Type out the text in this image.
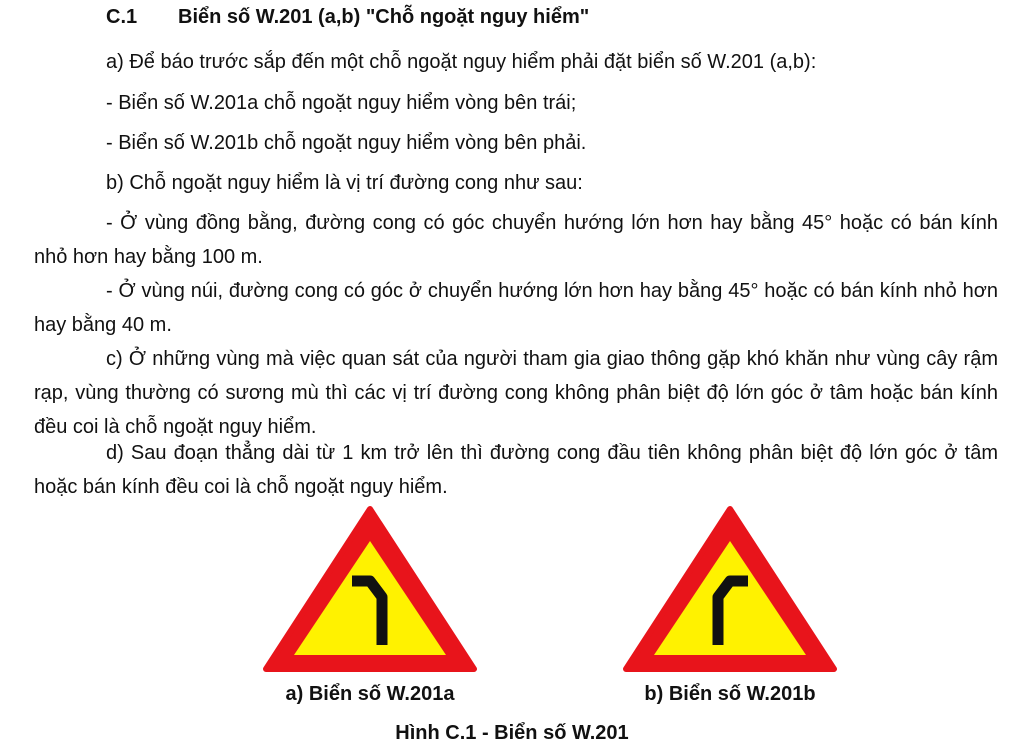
C.1 Biển số W.201 (a,b) "Chỗ ngoặt nguy hiểm"

a) Để báo trước sắp đến một chỗ ngoặt nguy hiểm phải đặt biển số W.201 (a,b):

- Biển số W.201a chỗ ngoặt nguy hiểm vòng bên trái;

- Biển số W.201b chỗ ngoặt nguy hiểm vòng bên phải.

b) Chỗ ngoặt nguy hiểm là vị trí đường cong như sau:

- Ở vùng đồng bằng, đường cong có góc chuyển hướng lớn hơn hay bằng 45° hoặc có bán kính nhỏ hơn hay bằng 100 m.

- Ở vùng núi, đường cong có góc ở chuyển hướng lớn hơn hay bằng 45° hoặc có bán kính nhỏ hơn hay bằng 40 m.

c) Ở những vùng mà việc quan sát của người tham gia giao thông gặp khó khăn như vùng cây rậm rạp, vùng thường có sương mù thì các vị trí đường cong không phân biệt độ lớn góc ở tâm hoặc bán kính đều coi là chỗ ngoặt nguy hiểm.

d) Sau đoạn thẳng dài từ 1 km trở lên thì đường cong đầu tiên không phân biệt độ lớn góc ở tâm hoặc bán kính đều coi là chỗ ngoặt nguy hiểm.

a) Biển số W.201a	b) Biển số W.201b
Hình C.1 - Biển số W.201
